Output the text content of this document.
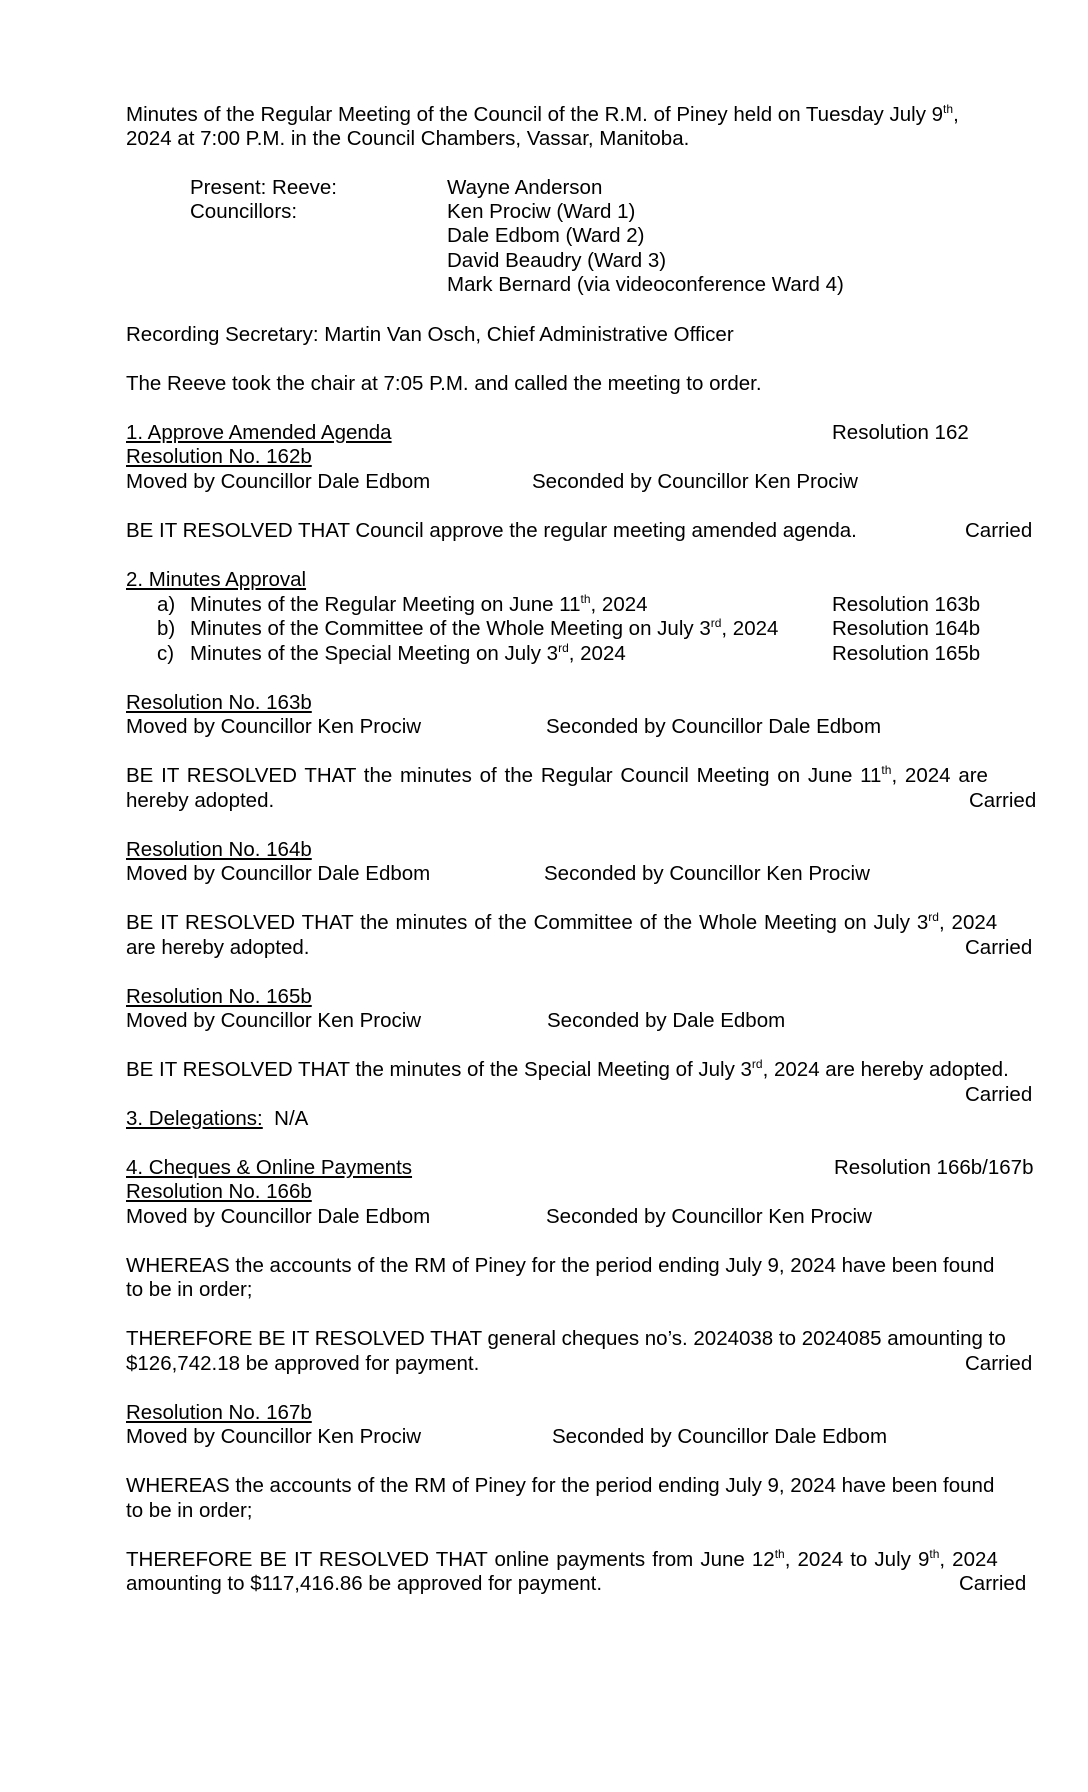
Minutes of the Regular Meeting of the Council of the R.M. of Piney held on Tuesday July 9th,
2024 at 7:00 P.M. in the Council Chambers, Vassar, Manitoba.
Present: Reeve:	Wayne Anderson
Councillors:	Ken Prociw (Ward 1)
Dale Edbom (Ward 2)
David Beaudry (Ward 3)
Mark Bernard (via videoconference Ward 4)
Recording Secretary: Martin Van Osch, Chief Administrative Officer
The Reeve took the chair at 7:05 P.M. and called the meeting to order.
1. Approve Amended Agenda	Resolution 162
Resolution No. 162b
Moved by Councillor Dale Edbom	Seconded by Councillor Ken Prociw
BE IT RESOLVED THAT Council approve the regular meeting amended agenda.	Carried
2. Minutes Approval
a) Minutes of the Regular Meeting on June 11th, 2024	Resolution 163b
b) Minutes of the Committee of the Whole Meeting on July 3rd, 2024	Resolution 164b
c) Minutes of the Special Meeting on July 3rd, 2024	Resolution 165b
Resolution No. 163b
Moved by Councillor Ken Prociw	Seconded by Councillor Dale Edbom
BE IT RESOLVED THAT the minutes of the Regular Council Meeting on June 11th, 2024 are
hereby adopted.	Carried
Resolution No. 164b
Moved by Councillor Dale Edbom	Seconded by Councillor Ken Prociw
BE IT RESOLVED THAT the minutes of the Committee of the Whole Meeting on July 3rd, 2024
are hereby adopted.	Carried
Resolution No. 165b
Moved by Councillor Ken Prociw	Seconded by Dale Edbom
BE IT RESOLVED THAT the minutes of the Special Meeting of July 3rd, 2024 are hereby adopted.
Carried
3. Delegations: N/A
4. Cheques & Online Payments	Resolution 166b/167b
Resolution No. 166b
Moved by Councillor Dale Edbom	Seconded by Councillor Ken Prociw
WHEREAS the accounts of the RM of Piney for the period ending July 9, 2024 have been found
to be in order;
THEREFORE BE IT RESOLVED THAT general cheques no’s. 2024038 to 2024085 amounting to
$126,742.18 be approved for payment.	Carried
Resolution No. 167b
Moved by Councillor Ken Prociw	Seconded by Councillor Dale Edbom
WHEREAS the accounts of the RM of Piney for the period ending July 9, 2024 have been found
to be in order;
THEREFORE BE IT RESOLVED THAT online payments from June 12th, 2024 to July 9th, 2024
amounting to $117,416.86 be approved for payment.	Carried
